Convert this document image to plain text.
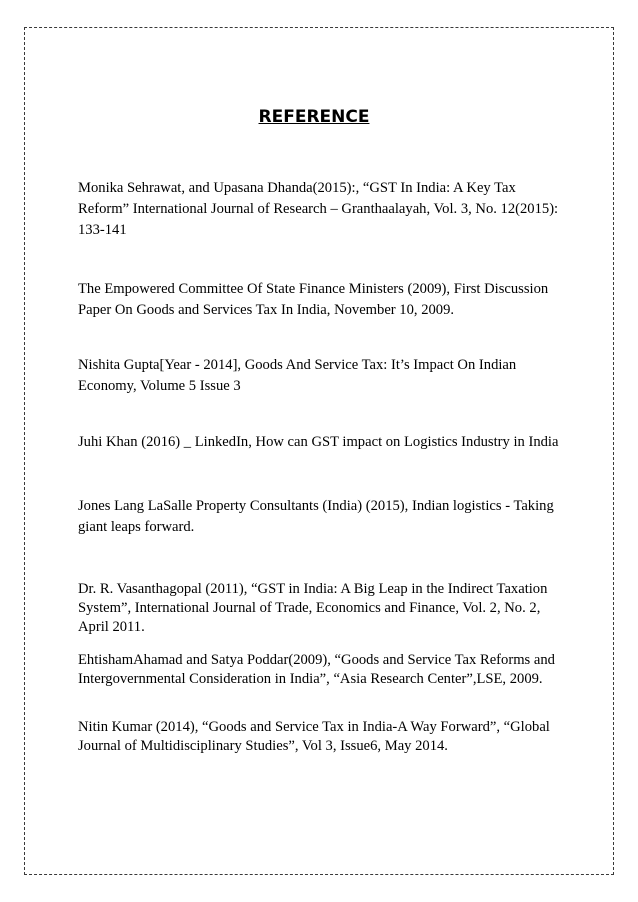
REFERENCE

Monika Sehrawat, and Upasana Dhanda(2015):, “GST In India: A Key Tax
Reform” International Journal of Research – Granthaalayah, Vol. 3, No. 12(2015):
133-141

The Empowered Committee Of State Finance Ministers (2009), First Discussion
Paper On Goods and Services Tax In India, November 10, 2009.

Nishita Gupta[Year - 2014], Goods And Service Tax: It’s Impact On Indian
Economy, Volume 5 Issue 3

Juhi Khan (2016) _ LinkedIn, How can GST impact on Logistics Industry in India

Jones Lang LaSalle Property Consultants (India) (2015), Indian logistics - Taking
giant leaps forward.

Dr. R. Vasanthagopal (2011), “GST in India: A Big Leap in the Indirect Taxation
System”, International Journal of Trade, Economics and Finance, Vol. 2, No. 2,
April 2011.

EhtishamAhamad and Satya Poddar(2009), “Goods and Service Tax Reforms and
Intergovernmental Consideration in India”, “Asia Research Center”,LSE, 2009.

Nitin Kumar (2014), “Goods and Service Tax in India-A Way Forward”, “Global
Journal of Multidisciplinary Studies”, Vol 3, Issue6, May 2014.
